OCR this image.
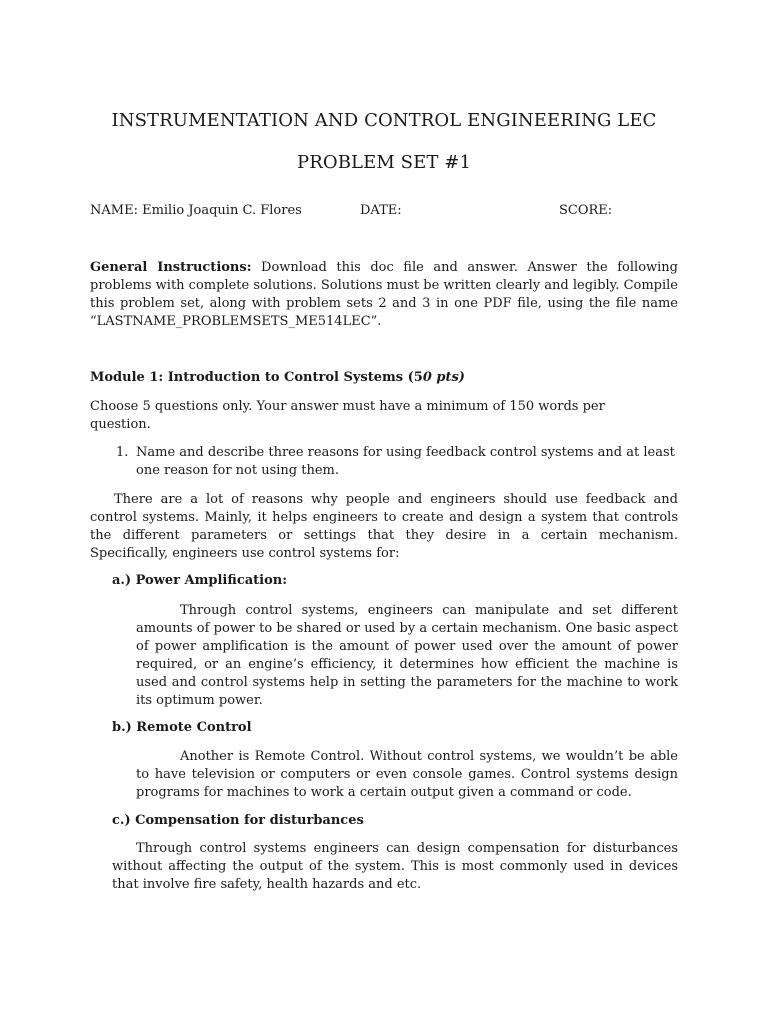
INSTRUMENTATION AND CONTROL ENGINEERING LEC
PROBLEM SET #1
NAME: Emilio Joaquin C. Flores	DATE:	SCORE:
General Instructions: Download this doc file and answer. Answer the following problems with complete solutions. Solutions must be written clearly and legibly. Compile this problem set, along with problem sets 2 and 3 in one PDF file, using the file name “LASTNAME_PROBLEMSETS_ME514LEC”.
Module 1: Introduction to Control Systems (50 pts)
Choose 5 questions only. Your answer must have a minimum of 150 words per question.
1. Name and describe three reasons for using feedback control systems and at least one reason for not using them.
There are a lot of reasons why people and engineers should use feedback and control systems. Mainly, it helps engineers to create and design a system that controls the different parameters or settings that they desire in a certain mechanism. Specifically, engineers use control systems for:
a.) Power Amplification:
Through control systems, engineers can manipulate and set different amounts of power to be shared or used by a certain mechanism. One basic aspect of power amplification is the amount of power used over the amount of power required, or an engine’s efficiency, it determines how efficient the machine is used and control systems help in setting the parameters for the machine to work its optimum power.
b.) Remote Control
Another is Remote Control. Without control systems, we wouldn’t be able to have television or computers or even console games. Control systems design programs for machines to work a certain output given a command or code.
c.) Compensation for disturbances
Through control systems engineers can design compensation for disturbances without affecting the output of the system. This is most commonly used in devices that involve fire safety, health hazards and etc.
